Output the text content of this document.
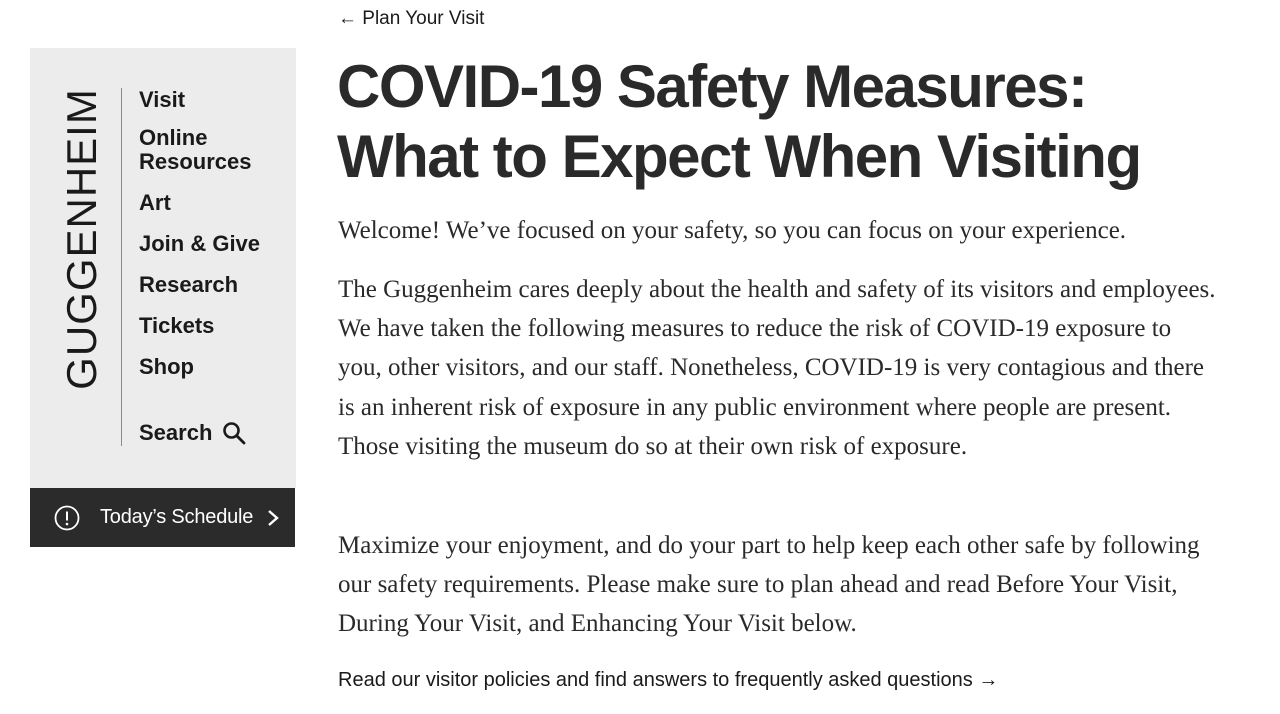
GUGGENHEIM Visit
Online Resources
Art
Join & Give
Research
Tickets
Shop
Search
Today’s Schedule
← Plan Your Visit
COVID-19 Safety Measures: What to Expect When Visiting

Welcome! We’ve focused on your safety, so you can focus on your experience.

The Guggenheim cares deeply about the health and safety of its visitors and employees. We have taken the following measures to reduce the risk of COVID-19 exposure to you, other visitors, and our staff. Nonetheless, COVID-19 is very contagious and there is an inherent risk of exposure in any public environment where people are present. Those visiting the museum do so at their own risk of exposure.

Maximize your enjoyment, and do your part to help keep each other safe by following our safety requirements. Please make sure to plan ahead and read Before Your Visit, During Your Visit, and Enhancing Your Visit below.

Read our visitor policies and find answers to frequently asked questions →
